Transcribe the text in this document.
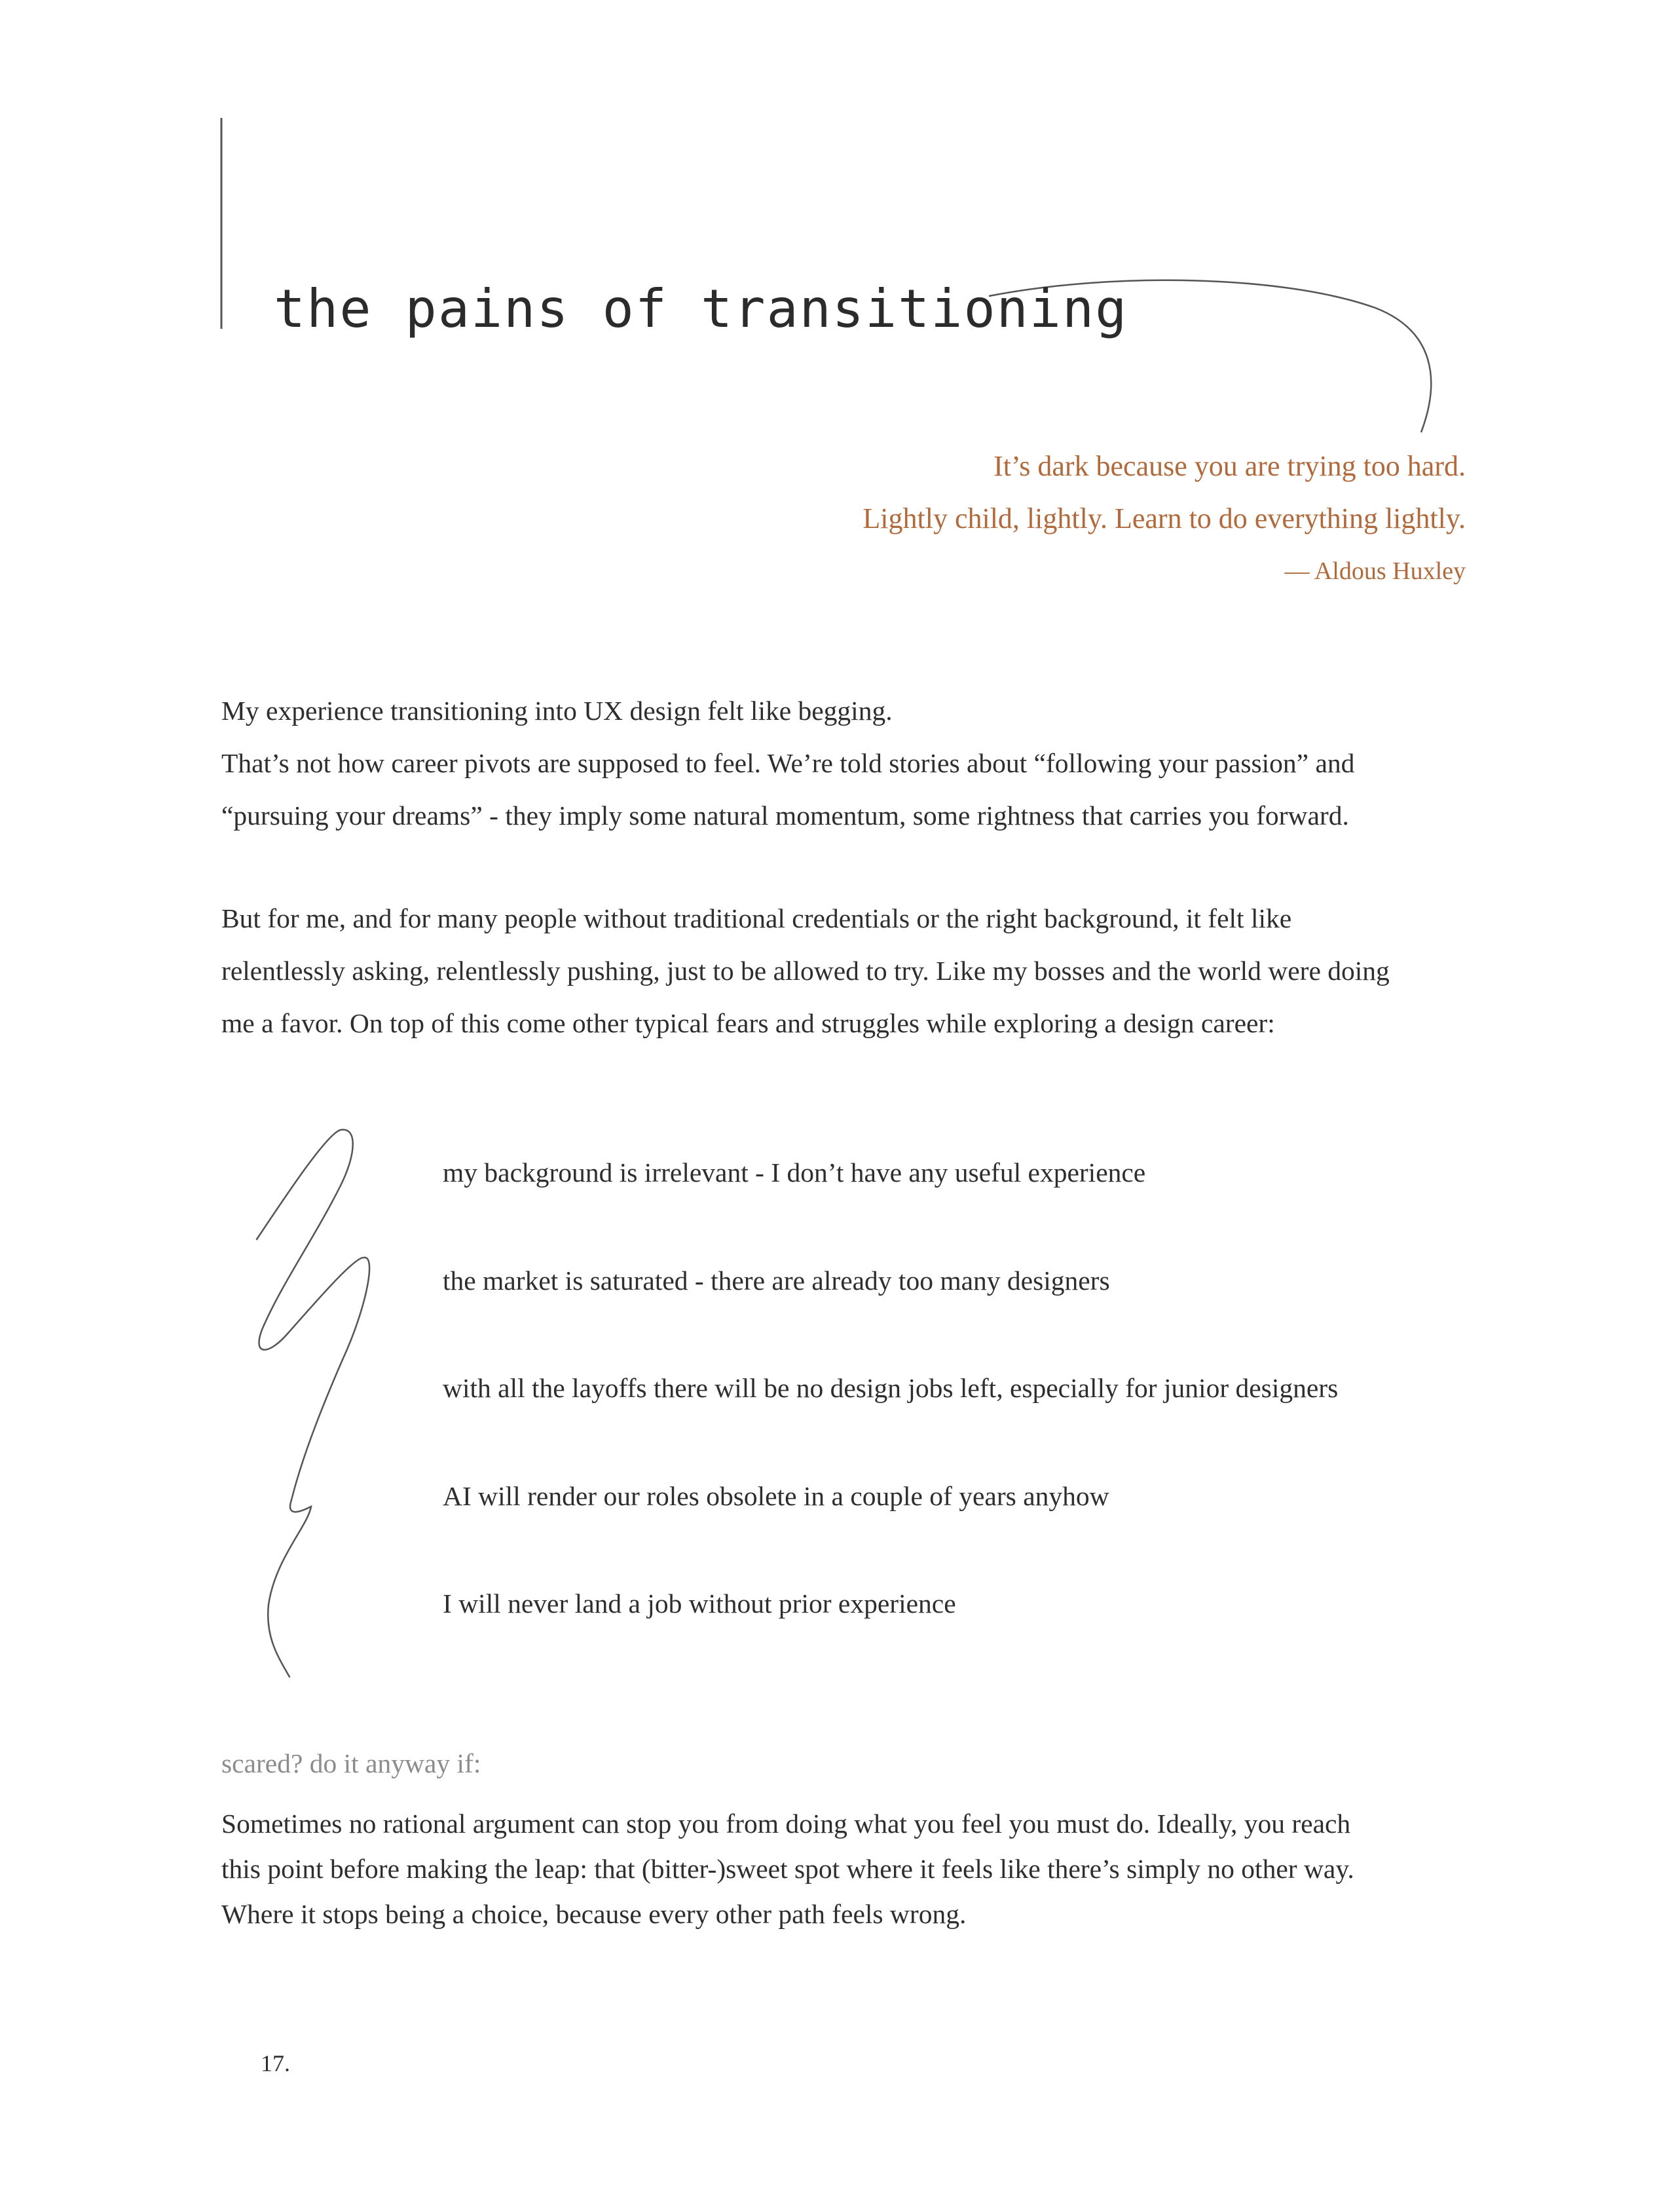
the pains of transitioning
It’s dark because you are trying too hard.
Lightly child, lightly. Learn to do everything lightly.
— Aldous Huxley
My experience transitioning into UX design felt like begging.
That’s not how career pivots are supposed to feel. We’re told stories about “following your passion” and
“pursuing your dreams” - they imply some natural momentum, some rightness that carries you forward.
But for me, and for many people without traditional credentials or the right background, it felt like
relentlessly asking, relentlessly pushing, just to be allowed to try. Like my bosses and the world were doing
me a favor. On top of this come other typical fears and struggles while exploring a design career:
my background is irrelevant - I don’t have any useful experience
the market is saturated - there are already too many designers
with all the layoffs there will be no design jobs left, especially for junior designers
AI will render our roles obsolete in a couple of years anyhow
I will never land a job without prior experience
scared? do it anyway if:
Sometimes no rational argument can stop you from doing what you feel you must do. Ideally, you reach
this point before making the leap: that (bitter-)sweet spot where it feels like there’s simply no other way.
Where it stops being a choice, because every other path feels wrong.
17.
